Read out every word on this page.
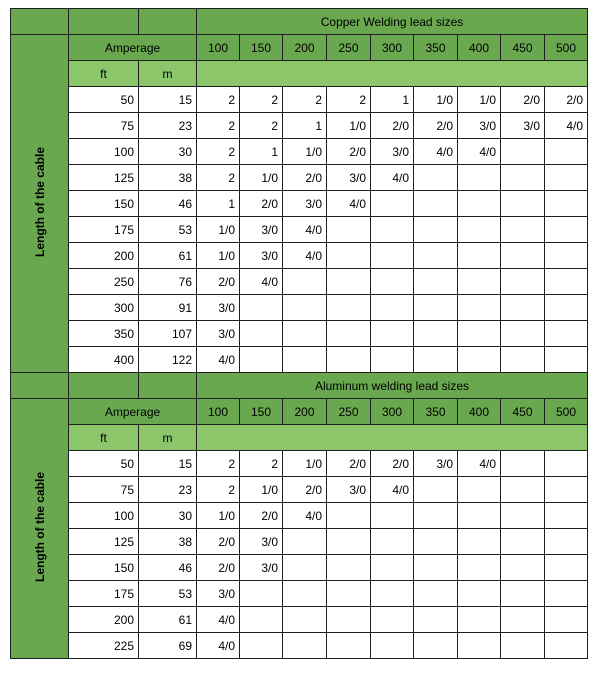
			Copper Welding lead sizes								
Length of the cable	Amperage		100	150	200	250	300	350	400	450	500
	ft	m									
	50	15	2	2	2	2	1	1/0	1/0	2/0	2/0
	75	23	2	2	1	1/0	2/0	2/0	3/0	3/0	4/0
	100	30	2	1	1/0	2/0	3/0	4/0	4/0		
	125	38	2	1/0	2/0	3/0	4/0				
	150	46	1	2/0	3/0	4/0					
	175	53	1/0	3/0	4/0						
	200	61	1/0	3/0	4/0						
	250	76	2/0	4/0							
	300	91	3/0								
	350	107	3/0								
	400	122	4/0								
			Aluminum welding lead sizes								
Length of the cable	Amperage		100	150	200	250	300	350	400	450	500
	ft	m									
	50	15	2	2	1/0	2/0	2/0	3/0	4/0		
	75	23	2	1/0	2/0	3/0	4/0				
	100	30	1/0	2/0	4/0						
	125	38	2/0	3/0							
	150	46	2/0	3/0							
	175	53	3/0								
	200	61	4/0								
	225	69	4/0								
